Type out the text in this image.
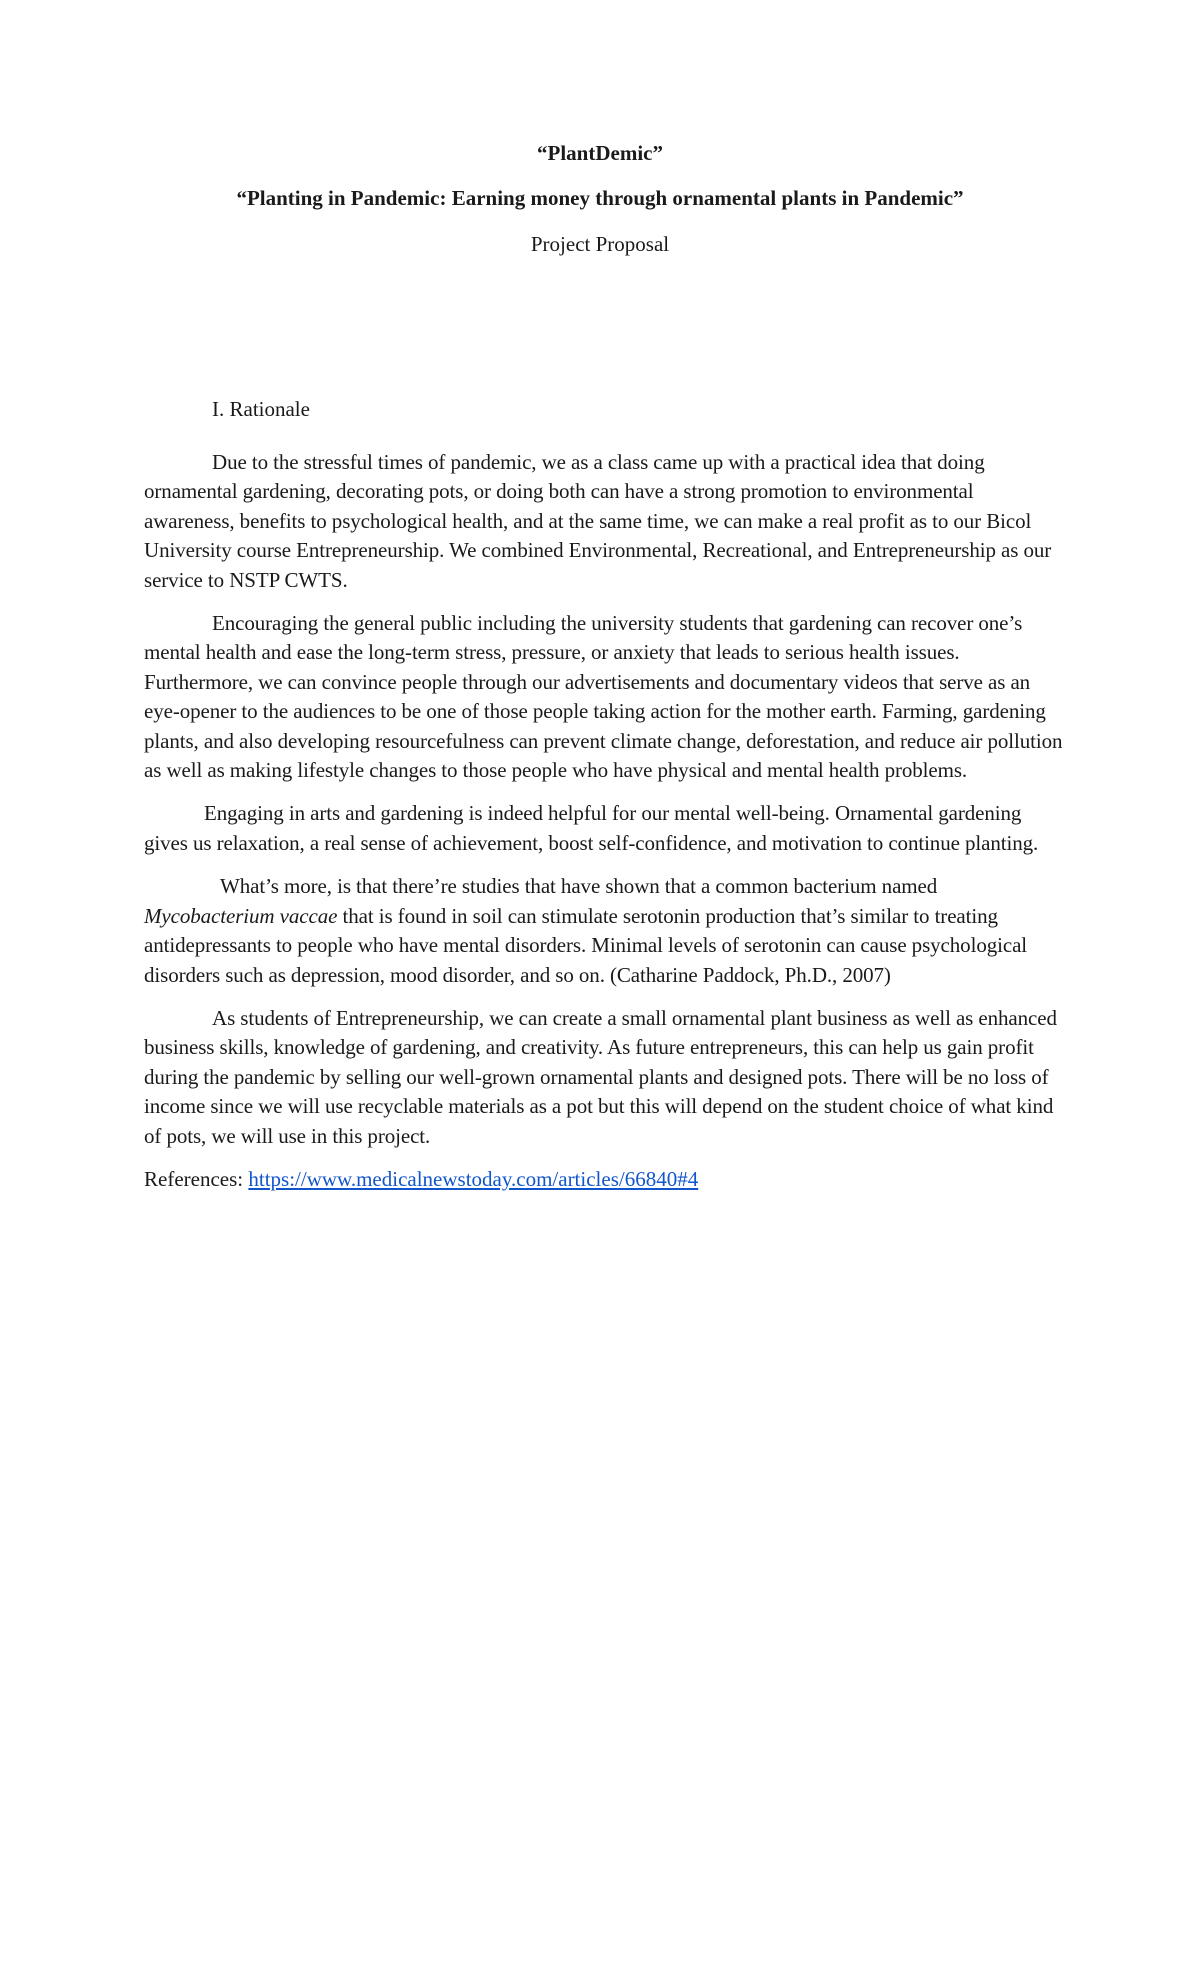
“PlantDemic”

“Planting in Pandemic: Earning money through ornamental plants in Pandemic”

Project Proposal

I. Rationale

Due to the stressful times of pandemic, we as a class came up with a practical idea that doing ornamental gardening, decorating pots, or doing both can have a strong promotion to environmental awareness, benefits to psychological health, and at the same time, we can make a real profit as to our Bicol University course Entrepreneurship. We combined Environmental, Recreational, and Entrepreneurship as our service to NSTP CWTS.

Encouraging the general public including the university students that gardening can recover one’s mental health and ease the long-term stress, pressure, or anxiety that leads to serious health issues. Furthermore, we can convince people through our advertisements and documentary videos that serve as an eye-opener to the audiences to be one of those people taking action for the mother earth. Farming, gardening plants, and also developing resourcefulness can prevent climate change, deforestation, and reduce air pollution as well as making lifestyle changes to those people who have physical and mental health problems.

Engaging in arts and gardening is indeed helpful for our mental well-being. Ornamental gardening gives us relaxation, a real sense of achievement, boost self-confidence, and motivation to continue planting.

What’s more, is that there’re studies that have shown that a common bacterium named Mycobacterium vaccae that is found in soil can stimulate serotonin production that’s similar to treating antidepressants to people who have mental disorders. Minimal levels of serotonin can cause psychological disorders such as depression, mood disorder, and so on. (Catharine Paddock, Ph.D., 2007)

As students of Entrepreneurship, we can create a small ornamental plant business as well as enhanced business skills, knowledge of gardening, and creativity. As future entrepreneurs, this can help us gain profit during the pandemic by selling our well-grown ornamental plants and designed pots. There will be no loss of income since we will use recyclable materials as a pot but this will depend on the student choice of what kind of pots, we will use in this project.

References: https://www.medicalnewstoday.com/articles/66840#4
